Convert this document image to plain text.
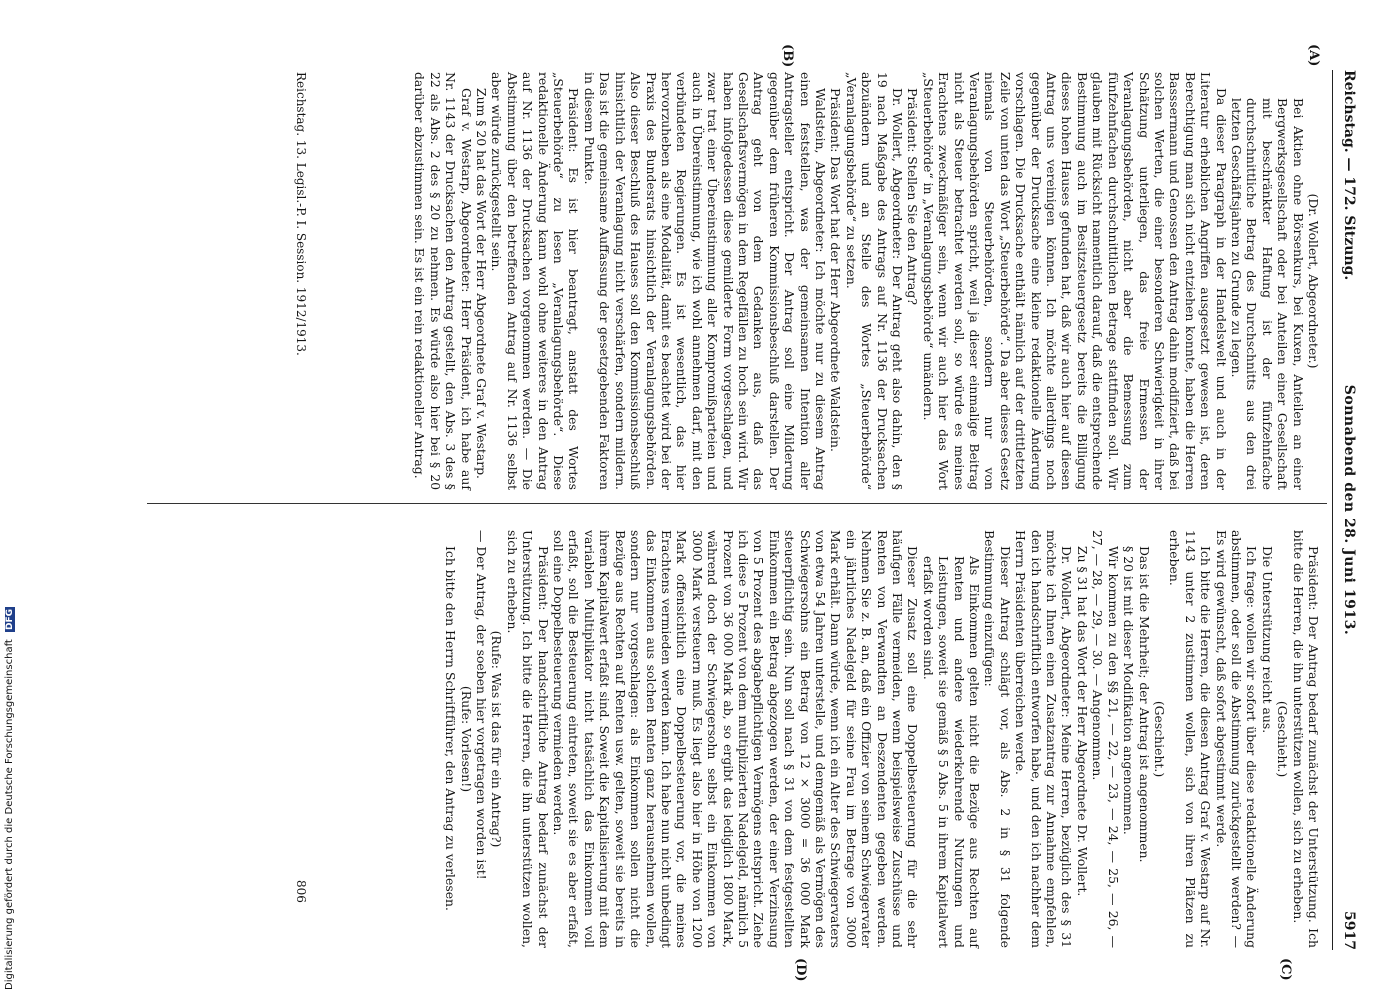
Reichstag. — 172. Sitzung.
Sonnabend den 28. Juni 1913.
5917
(A)
(B)
(C)
(D)

(Dr. Wollert, Abgeordneter.)

Bei Aktien ohne Börsenkurs, bei Kuxen, Anteilen an einer Bergwerksgesellschaft oder bei Anteilen einer Gesellschaft mit beschränkter Haftung ist der fünfzehnfache durchschnittliche Betrag des Durchschnitts aus den drei letzten Geschäftsjahren zu Grunde zu legen.

Da dieser Paragraph in der Handelswelt und auch in der Literatur erheblichen Angriffen ausgesetzt gewesen ist, deren Berechtigung man sich nicht entziehen konnte, haben die Herren Basssermann und Genossen den Antrag dahin modifiziert, daß bei solchen Werten, die einer besonderen Schwierigkeit in ihrer Schätzung unterliegen, das freie Ermessen der Veranlagungsbehörden, nicht aber die Bemessung zum fünfzehnfachen durchschnittlichen Betrage stattfinden soll. Wir glauben mit Rücksicht namentlich darauf, daß die entsprechende Bestimmung auch im Besitzsteuergesetz bereits die Billigung dieses hohen Hauses gefunden hat, daß wir auch hier auf diesen Antrag uns vereinigen können. Ich möchte allerdings noch gegenüber der Drucksache eine kleine redaktionelle Änderung vorschlagen. Die Drucksache enthält nämlich auf der drittletzten Zeile von unten das Wort „Steuerbehörde“. Da aber dieses Gesetz niemals von Steuerbehörden, sondern nur von Veranlagungsbehörden spricht, weil ja dieser einmalige Beitrag nicht als Steuer betrachtet werden soll, so würde es meines Erachtens zweckmäßiger sein, wenn wir auch hier das Wort „Steuerbehörde“ in „Veranlagungsbehörde“ umändern.

Präsident: Stellen Sie den Antrag?

Dr. Wollert, Abgeordneter: Der Antrag geht also dahin, den § 19 nach Maßgabe des Antrags auf Nr. 1136 der Drucksachen abzuändern und an Stelle des Wortes „Steuerbehörde“ „Veranlagungsbehörde“ zu setzen.

Präsident: Das Wort hat der Herr Abgeordnete Waldstein.

Waldstein, Abgeordneter: Ich möchte nur zu diesem Antrag einen feststellen, was der gemeinsamen Intention aller Antragsteller entspricht. Der Antrag soll eine Milderung gegenüber dem früheren Kommissionsbeschluß darstellen. Der Antrag geht von dem Gedanken aus, daß das Gesellschaftsvermögen in dem Regelfällen zu hoch sein wird. Wir haben infolgedessen diese gemilderte Form vorgeschlagen, und zwar trat einer Übereinstimmung aller Kompromißparteien und auch in Übereinstimmung, wie ich wohl annehmen darf, mit den verbündeten Regierungen. Es ist wesentlich, das hier hervorzuheben als eine Modalität, damit es beachtet wird bei der Praxis des Bundesrats hinsichtlich der Veranlagungsbehörden. Also dieser Beschluß des Hauses soll den Kommissionsbeschluß hinsichtlich der Veranlagung nicht verschärfen, sondern mildern. Das ist die gemeinsame Auffassung der gesetzgebenden Faktoren in diesem Punkte.

Präsident: Es ist hier beantragt, anstatt des Wortes „Steuerbehörde“ zu lesen „Veranlagungsbehörde“. Diese redaktionelle Änderung kann wohl ohne weiteres in den Antrag auf Nr. 1136 der Drucksachen vorgenommen werden. — Die Abstimmung über den betreffenden Antrag auf Nr. 1136 selbst aber würde zurückgestellt sein.

Zum § 20 hat das Wort der Herr Abgeordnete Graf v. Westarp.

Graf v. Westarp, Abgeordneter: Herr Präsident, ich habe auf Nr. 1143 der Drucksachen den Antrag gestellt, den Abs. 3 des § 22 als Abs. 2 des § 20 zu nehmen. Es würde also hier bei § 20 darüber abzustimmen sein. Es ist ein rein redaktioneller Antrag.

Präsident: Der Antrag bedarf zunächst der Unterstützung. Ich bitte die Herren, die ihn unterstützen wollen, sich zu erheben.

(Geschieht.)

Die Unterstützung reicht aus.

Ich frage: wollen wir sofort über diese redaktionelle Änderung abstimmen, oder soll die Abstimmung zurückgestellt werden? — Es wird gewünscht, daß sofort abgestimmt werde.

Ich bitte die Herren, die diesen Antrag Graf v. Westarp auf Nr. 1143 unter 2 zustimmen wollen, sich von ihren Plätzen zu erheben.

(Geschieht.)

Das ist die Mehrheit; der Antrag ist angenommen.

§ 20 ist mit dieser Modifikation angenommen.

Wir kommen zu den §§ 21, — 22, — 23, — 24, — 25, — 26, — 27, — 28, — 29, — 30. — Angenommen.

Zu § 31 hat das Wort der Herr Abgeordnete Dr. Wollert.

Dr. Wollert, Abgeordneter: Meine Herren, bezüglich des § 31 möchte ich Ihnen einen Zusatzantrag zur Annahme empfehlen, den ich handschriftlich entworfen habe, und den ich nachher dem Herrn Präsidenten überreichen werde.

Dieser Antrag schlägt vor, als Abs. 2 in § 31 folgende Bestimmung einzufügen:

Als Einkommen gelten nicht die Bezüge aus Rechten auf Renten und andere wiederkehrende Nutzungen und Leistungen, soweit sie gemäß § 5 Abs. 5 in ihrem Kapitalwert erfaßt worden sind.

Dieser Zusatz soll eine Doppelbesteuerung für die sehr häufigen Fälle vermeiden, wenn beispielsweise Zuschüsse und Renten von Verwandten an Deszendenten gegeben werden. Nehmen Sie z. B. an, daß ein Offizier von seinem Schwiegervater ein jährliches Nadelgeld für seine Frau im Betrage von 3000 Mark erhält. Dann würde, wenn ich ein Alter des Schwiegervaters von etwa 54 Jahren unterstelle, und demgemäß als Vermögen des Schwiegersohns ein Betrag von 12 × 3000 = 36 000 Mark steuerpflichtig sein. Nun soll nach § 31 von dem festgestellten Einkommen ein Betrag abgezogen werden, der einer Verzinsung von 5 Prozent des abgabepflichtigen Vermögens entspricht. Ziehe ich diese 5 Prozent von dem multiplizierten Nadelgeld, nämlich 5 Prozent von 36 000 Mark ab, so ergibt das lediglich 1800 Mark, während doch der Schwiegersohn selbst ein Einkommen von 3000 Mark versteuern muß. Es liegt also hier in Höhe von 1200 Mark offensichtlich eine Doppelbesteuerung vor, die meines Erachtens vermieden werden kann. Ich habe nun nicht unbedingt das Einkommen aus solchen Renten ganz herausnehmen wollen, sondern nur vorgeschlagen: als Einkommen sollen nicht die Bezüge aus Rechten auf Renten usw. gelten, soweit sie bereits in ihrem Kapitalwert erfaßt sind. Soweit die Kapitalisierung mit dem variablen Multiplikator nicht tatsächlich das Einkommen voll erfaßt, soll die Besteuerung eintreten, soweit sie es aber erfaßt, soll eine Doppelbesteuerung vermieden werden.

Präsident: Der handschriftliche Antrag bedarf zunächst der Unterstützung. Ich bitte die Herren, die ihn unterstützen wollen, sich zu erheben.

(Rufe: Was ist das für ein Antrag?)

— Der Antrag, der soeben hier vorgetragen worden ist!

(Rufe: Vorlesen!)

Ich bitte den Herrn Schriftführer, den Antrag zu verlesen.

Reichstag. 13. Legisl.-P. I. Session. 1912/1913.
806
Digitalisierung gefördert durch die Deutsche Forschungsgemeinschaft DFG
